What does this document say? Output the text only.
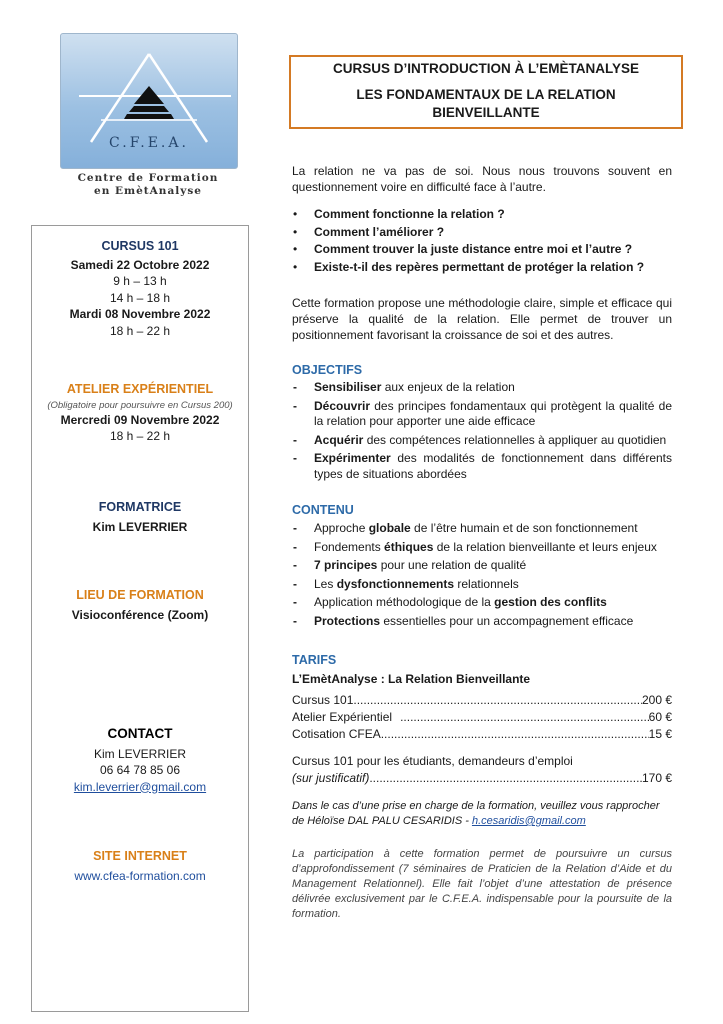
C.F.E.A.
Centre de Formation
en EmètAnalyse
CURSUS 101
Samedi 22 Octobre 2022
9 h – 13 h
14 h – 18 h
Mardi 08 Novembre 2022
18 h – 22 h
ATELIER EXPÉRIENTIEL
(Obligatoire pour poursuivre en Cursus 200)
Mercredi 09 Novembre 2022
18 h – 22 h
FORMATRICE
Kim LEVERRIER
LIEU DE FORMATION
Visioconférence (Zoom)
CONTACT
Kim LEVERRIER
06 64 78 85 06
kim.leverrier@gmail.com
SITE INTERNET
www.cfea-formation.com
CURSUS D’INTRODUCTION À L’EMÈTANALYSE
LES FONDAMENTAUX DE LA RELATION
BIENVEILLANTE
La relation ne va pas de soi. Nous nous trouvons souvent en questionnement voire en difficulté face à l’autre.
• Comment fonctionne la relation ?
• Comment l’améliorer ?
• Comment trouver la juste distance entre moi et l’autre ?
• Existe-t-il des repères permettant de protéger la relation ?
Cette formation propose une méthodologie claire, simple et efficace qui préserve la qualité de la relation. Elle permet de trouver un positionnement favorisant la croissance de soi et des autres.
OBJECTIFS
- Sensibiliser aux enjeux de la relation
- Découvrir des principes fondamentaux qui protègent la qualité de la relation pour apporter une aide efficace
- Acquérir des compétences relationnelles à appliquer au quotidien
- Expérimenter des modalités de fonctionnement dans différents types de situations abordées
CONTENU
- Approche globale de l’être humain et de son fonctionnement
- Fondements éthiques de la relation bienveillante et leurs enjeux
- 7 principes pour une relation de qualité
- Les dysfonctionnements relationnels
- Application méthodologique de la gestion des conflits
- Protections essentielles pour un accompagnement efficace
TARIFS
L’EmètAnalyse : La Relation Bienveillante
Cursus 101 .....	200 €
Atelier Expérientiel .....	60 €
Cotisation CFEA .....	15 €
Cursus 101 pour les étudiants, demandeurs d’emploi
(sur justificatif) .....	170 €
Dans le cas d’une prise en charge de la formation, veuillez vous rapprocher de Héloïse DAL PALU CESARIDIS - h.cesaridis@gmail.com
La participation à cette formation permet de poursuivre un cursus d’approfondissement (7 séminaires de Praticien de la Relation d’Aide et du Management Relationnel). Elle fait l’objet d’une attestation de présence délivrée exclusivement par le C.F.E.A. indispensable pour la poursuite de la formation.
